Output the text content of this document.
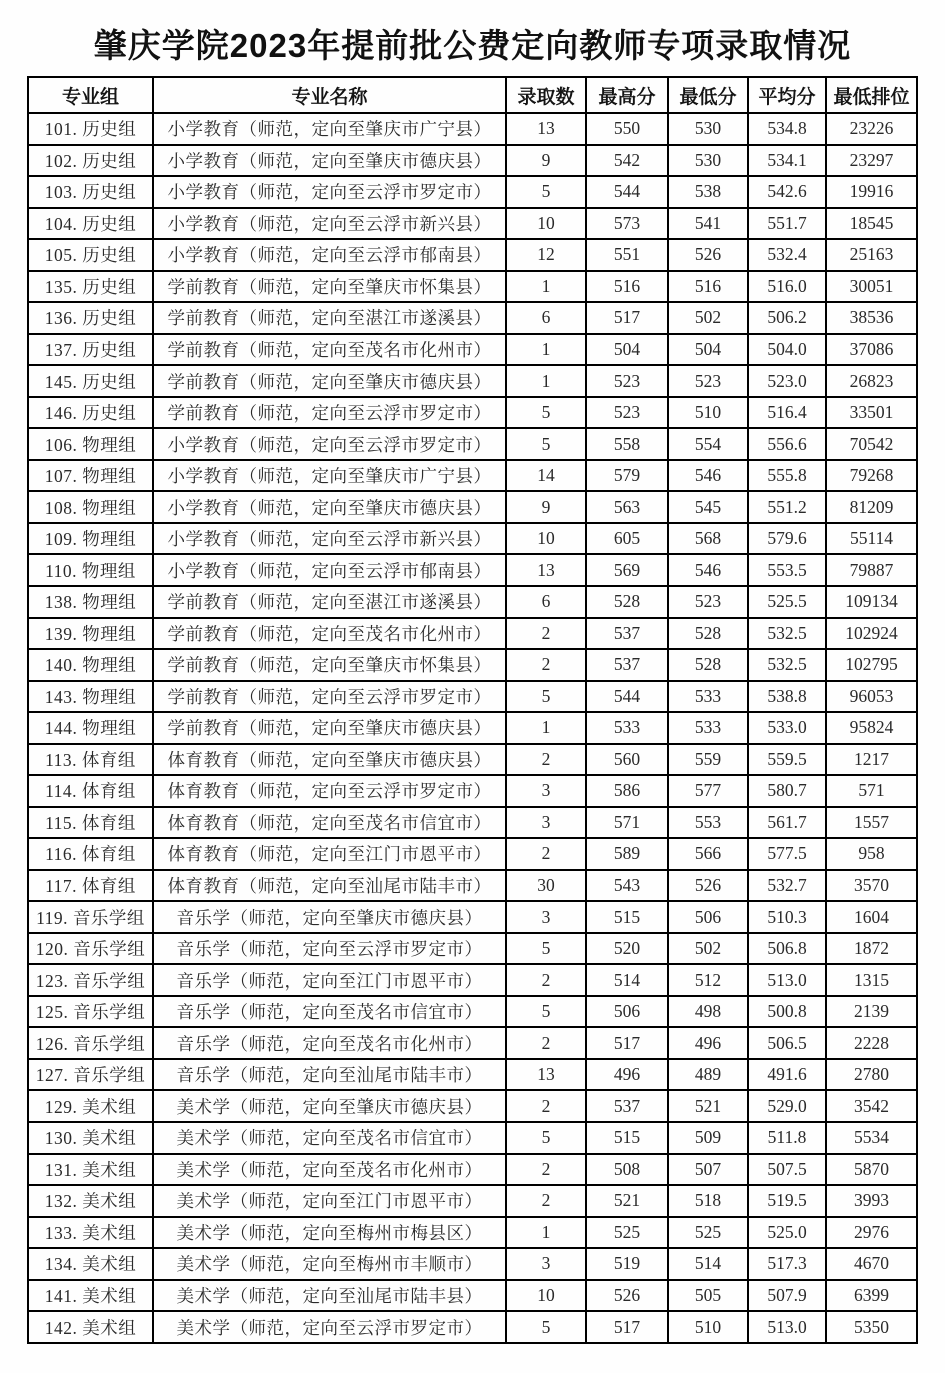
肇庆学院2023年提前批公费定向教师专项录取情况
专业组	专业名称	录取数	最高分	最低分	平均分	最低排位
101. 历史组	小学教育（师范，定向至肇庆市广宁县）	13	550	530	534.8	23226
102. 历史组	小学教育（师范，定向至肇庆市德庆县）	9	542	530	534.1	23297
103. 历史组	小学教育（师范，定向至云浮市罗定市）	5	544	538	542.6	19916
104. 历史组	小学教育（师范，定向至云浮市新兴县）	10	573	541	551.7	18545
105. 历史组	小学教育（师范，定向至云浮市郁南县）	12	551	526	532.4	25163
135. 历史组	学前教育（师范，定向至肇庆市怀集县）	1	516	516	516.0	30051
136. 历史组	学前教育（师范，定向至湛江市遂溪县）	6	517	502	506.2	38536
137. 历史组	学前教育（师范，定向至茂名市化州市）	1	504	504	504.0	37086
145. 历史组	学前教育（师范，定向至肇庆市德庆县）	1	523	523	523.0	26823
146. 历史组	学前教育（师范，定向至云浮市罗定市）	5	523	510	516.4	33501
106. 物理组	小学教育（师范，定向至云浮市罗定市）	5	558	554	556.6	70542
107. 物理组	小学教育（师范，定向至肇庆市广宁县）	14	579	546	555.8	79268
108. 物理组	小学教育（师范，定向至肇庆市德庆县）	9	563	545	551.2	81209
109. 物理组	小学教育（师范，定向至云浮市新兴县）	10	605	568	579.6	55114
110. 物理组	小学教育（师范，定向至云浮市郁南县）	13	569	546	553.5	79887
138. 物理组	学前教育（师范，定向至湛江市遂溪县）	6	528	523	525.5	109134
139. 物理组	学前教育（师范，定向至茂名市化州市）	2	537	528	532.5	102924
140. 物理组	学前教育（师范，定向至肇庆市怀集县）	2	537	528	532.5	102795
143. 物理组	学前教育（师范，定向至云浮市罗定市）	5	544	533	538.8	96053
144. 物理组	学前教育（师范，定向至肇庆市德庆县）	1	533	533	533.0	95824
113. 体育组	体育教育（师范，定向至肇庆市德庆县）	2	560	559	559.5	1217
114. 体育组	体育教育（师范，定向至云浮市罗定市）	3	586	577	580.7	571
115. 体育组	体育教育（师范，定向至茂名市信宜市）	3	571	553	561.7	1557
116. 体育组	体育教育（师范，定向至江门市恩平市）	2	589	566	577.5	958
117. 体育组	体育教育（师范，定向至汕尾市陆丰市）	30	543	526	532.7	3570
119. 音乐学组	音乐学（师范，定向至肇庆市德庆县）	3	515	506	510.3	1604
120. 音乐学组	音乐学（师范，定向至云浮市罗定市）	5	520	502	506.8	1872
123. 音乐学组	音乐学（师范，定向至江门市恩平市）	2	514	512	513.0	1315
125. 音乐学组	音乐学（师范，定向至茂名市信宜市）	5	506	498	500.8	2139
126. 音乐学组	音乐学（师范，定向至茂名市化州市）	2	517	496	506.5	2228
127. 音乐学组	音乐学（师范，定向至汕尾市陆丰市）	13	496	489	491.6	2780
129. 美术组	美术学（师范，定向至肇庆市德庆县）	2	537	521	529.0	3542
130. 美术组	美术学（师范，定向至茂名市信宜市）	5	515	509	511.8	5534
131. 美术组	美术学（师范，定向至茂名市化州市）	2	508	507	507.5	5870
132. 美术组	美术学（师范，定向至江门市恩平市）	2	521	518	519.5	3993
133. 美术组	美术学（师范，定向至梅州市梅县区）	1	525	525	525.0	2976
134. 美术组	美术学（师范，定向至梅州市丰顺市）	3	519	514	517.3	4670
141. 美术组	美术学（师范，定向至汕尾市陆丰县）	10	526	505	507.9	6399
142. 美术组	美术学（师范，定向至云浮市罗定市）	5	517	510	513.0	5350
